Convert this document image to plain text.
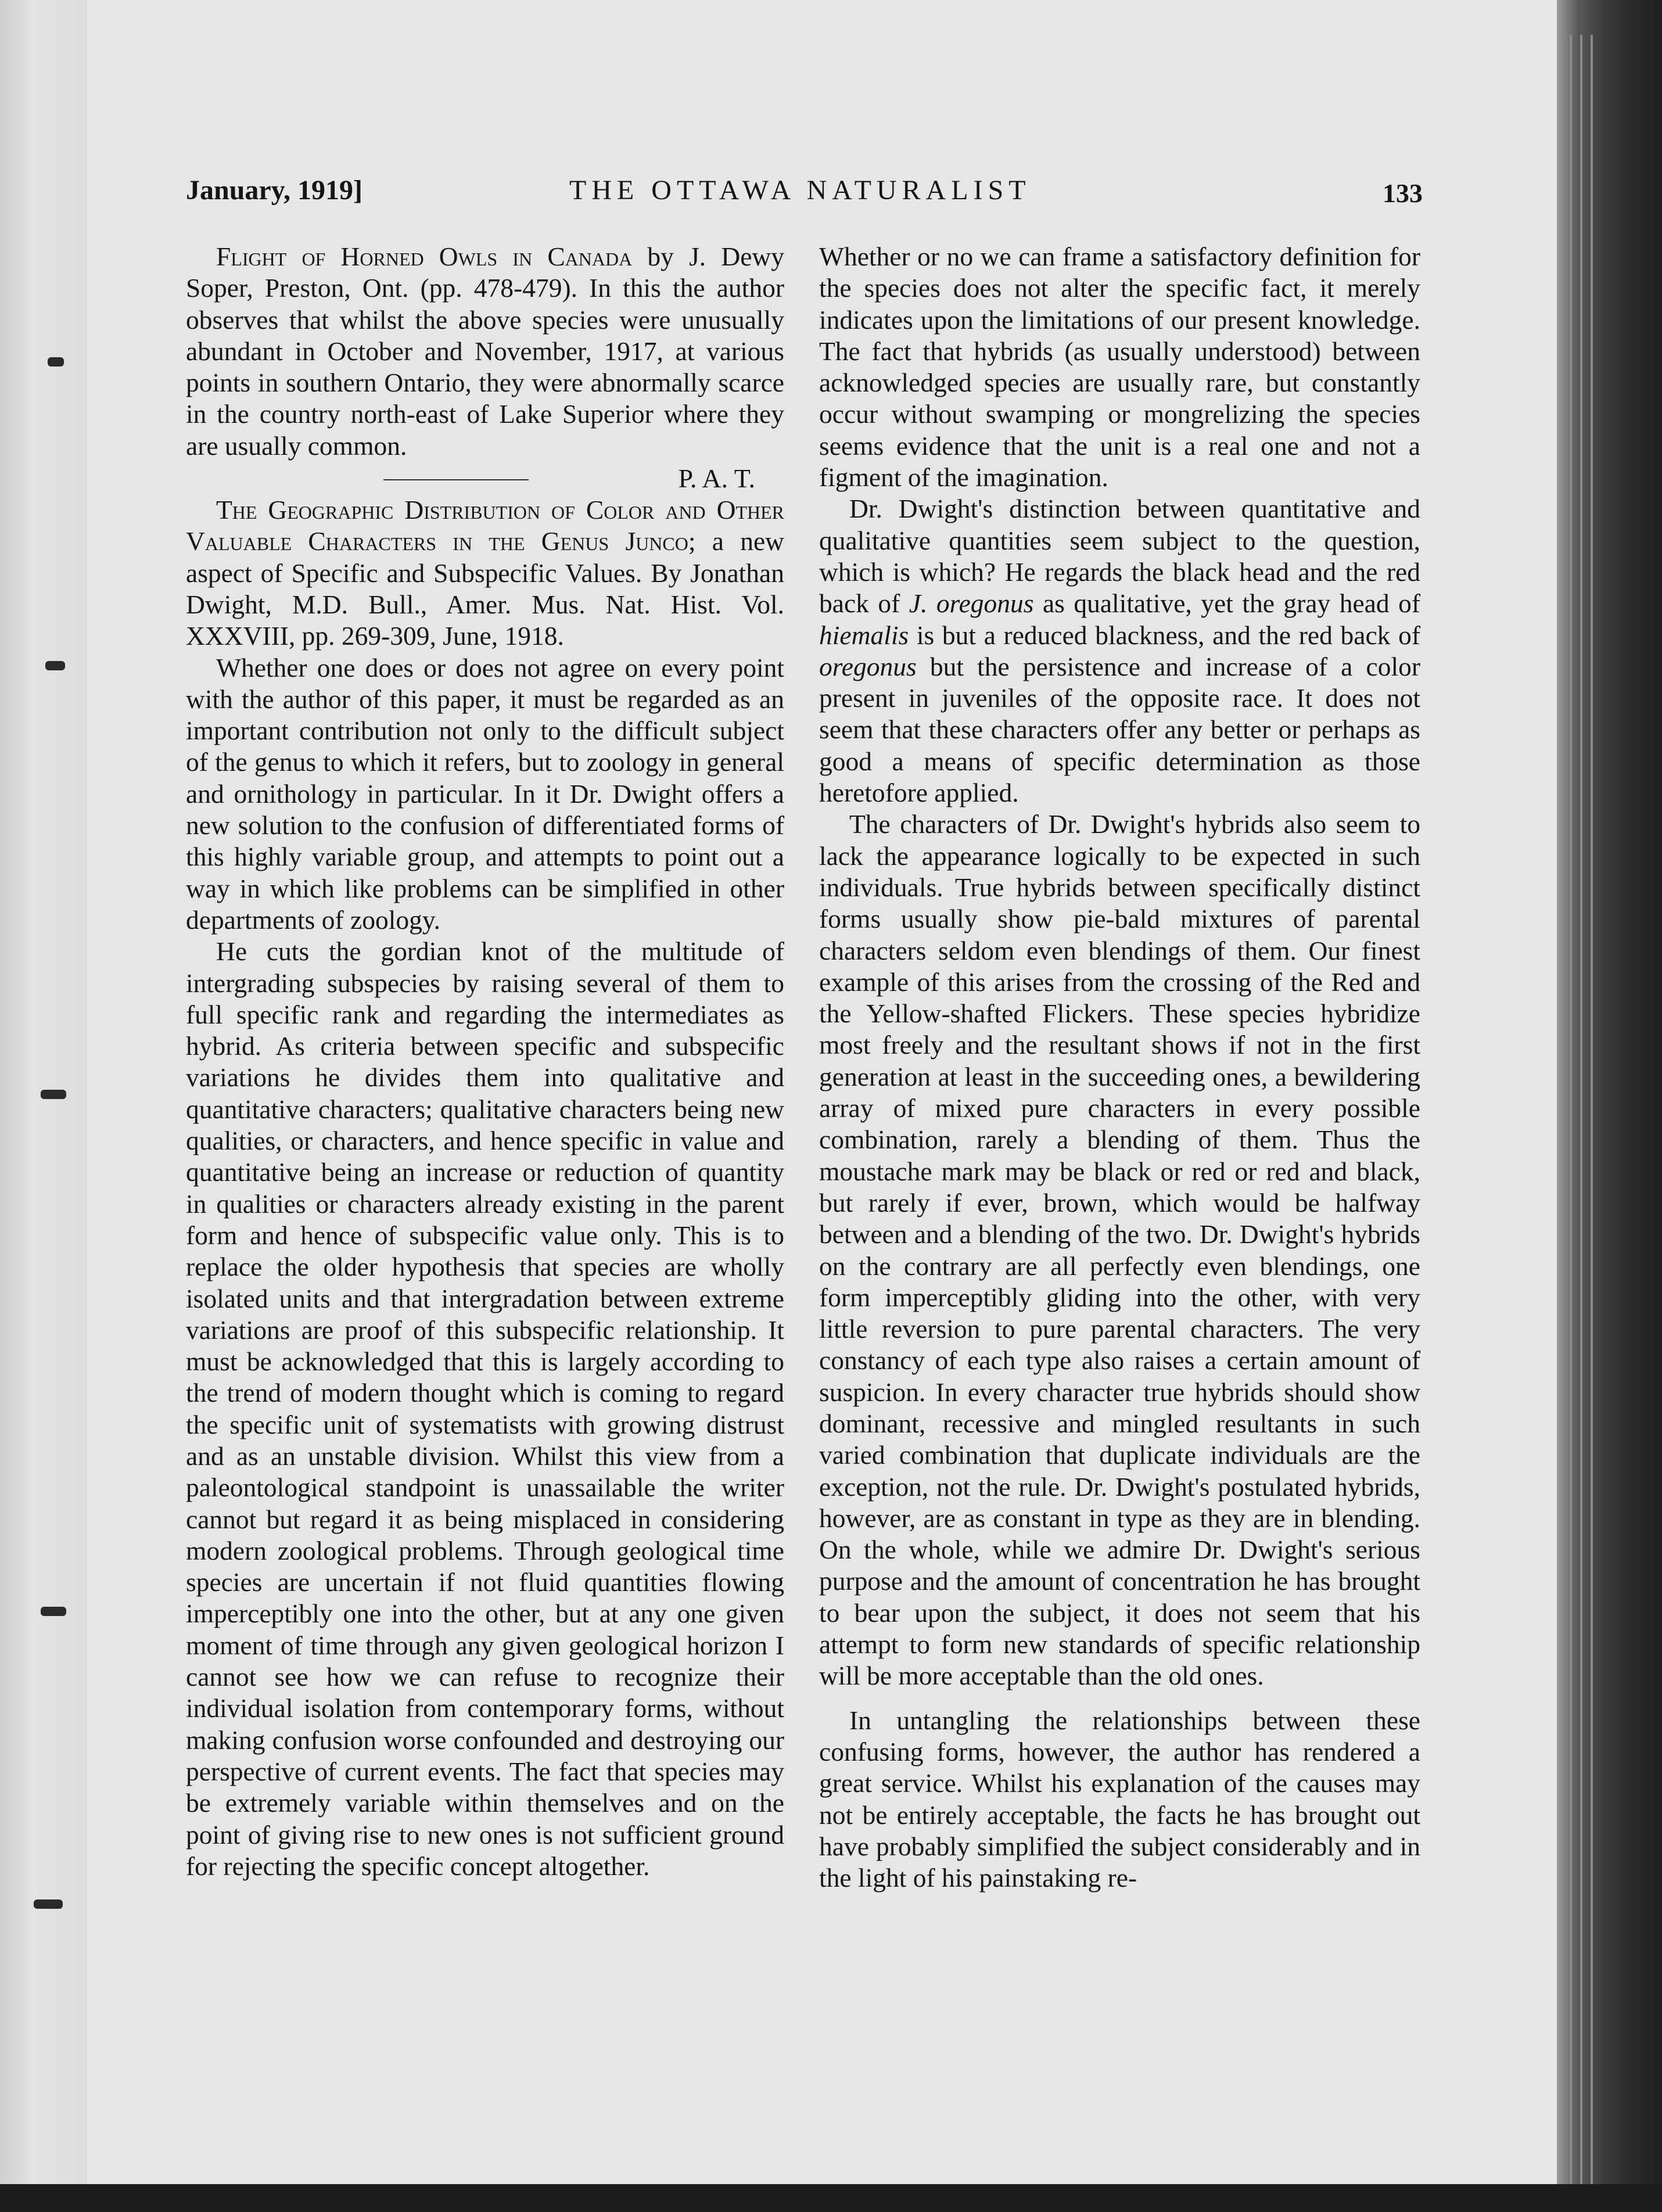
January, 1919]	THE OTTAWA NATURALIST	133

Flight of Horned Owls in Canada by J. Dewy Soper, Preston, Ont. (pp. 478-479). In this the author observes that whilst the above species were unusually abundant in October and November, 1917, at various points in southern Ontario, they were abnormally scarce in the country north-east of Lake Superior where they are usually common.

P. A. T.

The Geographic Distribution of Color and Other Valuable Characters in the Genus Junco; a new aspect of Specific and Subspecific Values. By Jonathan Dwight, M.D. Bull., Amer. Mus. Nat. Hist. Vol. XXXVIII, pp. 269-309, June, 1918.

Whether one does or does not agree on every point with the author of this paper, it must be regarded as an important contribution not only to the difficult subject of the genus to which it refers, but to zoology in general and ornithology in particular. In it Dr. Dwight offers a new solution to the confusion of differentiated forms of this highly variable group, and attempts to point out a way in which like problems can be simplified in other departments of zoology.

He cuts the gordian knot of the multitude of intergrading subspecies by raising several of them to full specific rank and regarding the intermediates as hybrid. As criteria between specific and subspecific variations he divides them into qualitative and quantitative characters; qualitative characters being new qualities, or characters, and hence specific in value and quantitative being an increase or reduction of quantity in qualities or characters already existing in the parent form and hence of subspecific value only. This is to replace the older hypothesis that species are wholly isolated units and that intergradation between extreme variations are proof of this subspecific relationship. It must be acknowledged that this is largely according to the trend of modern thought which is coming to regard the specific unit of systematists with growing distrust and as an unstable division. Whilst this view from a paleontological standpoint is unassailable the writer cannot but regard it as being misplaced in considering modern zoological problems. Through geological time species are uncertain if not fluid quantities flowing imperceptibly one into the other, but at any one given moment of time through any given geological horizon I cannot see how we can refuse to recognize their individual isolation from contemporary forms, without making confusion worse confounded and destroying our perspective of current events. The fact that species may be extremely variable within themselves and on the point of giving rise to new ones is not sufficient ground for rejecting the specific concept altogether.

Whether or no we can frame a satisfactory definition for the species does not alter the specific fact, it merely indicates upon the limitations of our present knowledge. The fact that hybrids (as usually understood) between acknowledged species are usually rare, but constantly occur without swamping or mongrelizing the species seems evidence that the unit is a real one and not a figment of the imagination.

Dr. Dwight's distinction between quantitative and qualitative quantities seem subject to the question, which is which? He regards the black head and the red back of J. oregonus as qualitative, yet the gray head of hiemalis is but a reduced blackness, and the red back of oregonus but the persistence and increase of a color present in juveniles of the opposite race. It does not seem that these characters offer any better or perhaps as good a means of specific determination as those heretofore applied.

The characters of Dr. Dwight's hybrids also seem to lack the appearance logically to be expected in such individuals. True hybrids between specifically distinct forms usually show pie-bald mixtures of parental characters seldom even blendings of them. Our finest example of this arises from the crossing of the Red and the Yellow-shafted Flickers. These species hybridize most freely and the resultant shows if not in the first generation at least in the succeeding ones, a bewildering array of mixed pure characters in every possible combination, rarely a blending of them. Thus the moustache mark may be black or red or red and black, but rarely if ever, brown, which would be halfway between and a blending of the two. Dr. Dwight's hybrids on the contrary are all perfectly even blendings, one form imperceptibly gliding into the other, with very little reversion to pure parental characters. The very constancy of each type also raises a certain amount of suspicion. In every character true hybrids should show dominant, recessive and mingled resultants in such varied combination that duplicate individuals are the exception, not the rule. Dr. Dwight's postulated hybrids, however, are as constant in type as they are in blending. On the whole, while we admire Dr. Dwight's serious purpose and the amount of concentration he has brought to bear upon the subject, it does not seem that his attempt to form new standards of specific relationship will be more acceptable than the old ones.

In untangling the relationships between these confusing forms, however, the author has rendered a great service. Whilst his explanation of the causes may not be entirely acceptable, the facts he has brought out have probably simplified the subject considerably and in the light of his painstaking re-
